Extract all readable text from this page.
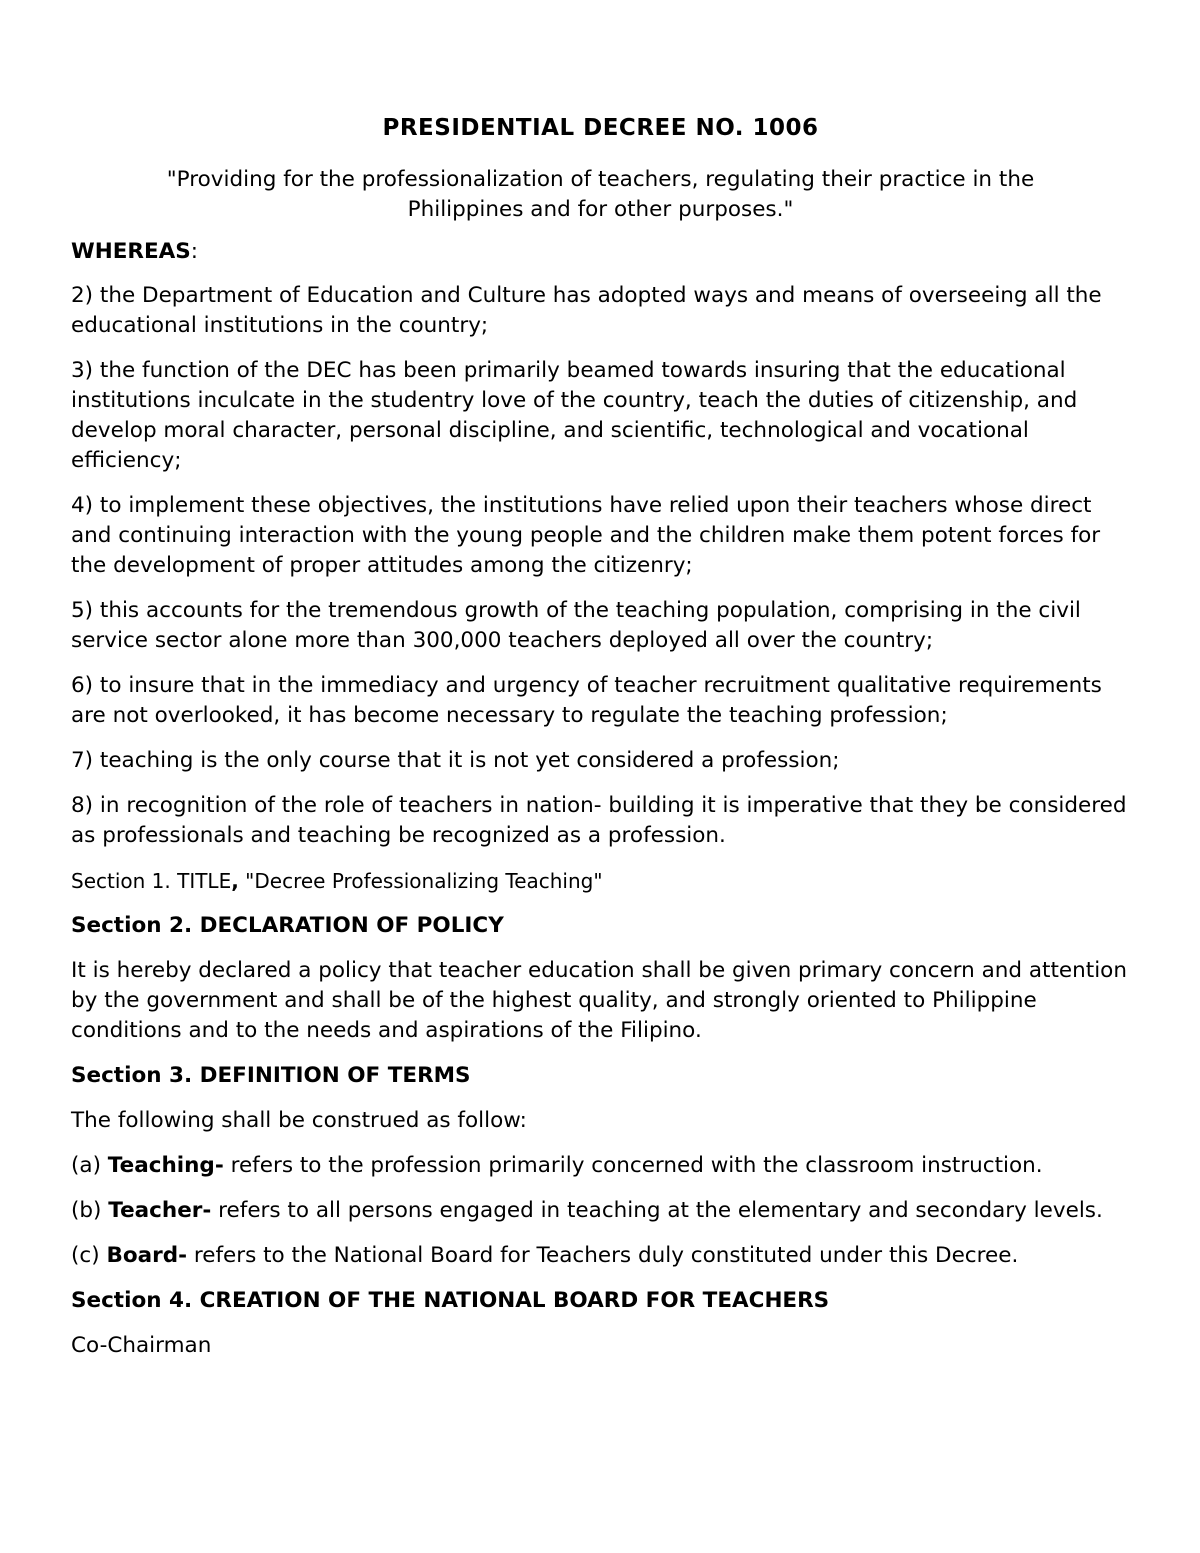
PRESIDENTIAL DECREE NO. 1006
"Providing for the professionalization of teachers, regulating their practice in the
Philippines and for other purposes."

WHEREAS:

2) the Department of Education and Culture has adopted ways and means of overseeing all the educational institutions in the country;

3) the function of the DEC has been primarily beamed towards insuring that the educational institutions inculcate in the studentry love of the country, teach the duties of citizenship, and develop moral character, personal discipline, and scientific, technological and vocational efficiency;

4) to implement these objectives, the institutions have relied upon their teachers whose direct and continuing interaction with the young people and the children make them potent forces for the development of proper attitudes among the citizenry;

5) this accounts for the tremendous growth of the teaching population, comprising in the civil service sector alone more than 300,000 teachers deployed all over the country;

6) to insure that in the immediacy and urgency of teacher recruitment qualitative requirements are not overlooked, it has become necessary to regulate the teaching profession;

7) teaching is the only course that it is not yet considered a profession;

8) in recognition of the role of teachers in nation- building it is imperative that they be considered as professionals and teaching be recognized as a profession.

Section 1. TITLE, "Decree Professionalizing Teaching"

Section 2. DECLARATION OF POLICY

It is hereby declared a policy that teacher education shall be given primary concern and attention by the government and shall be of the highest quality, and strongly oriented to Philippine conditions and to the needs and aspirations of the Filipino.

Section 3. DEFINITION OF TERMS

The following shall be construed as follow:

(a) Teaching- refers to the profession primarily concerned with the classroom instruction.

(b) Teacher- refers to all persons engaged in teaching at the elementary and secondary levels.

(c) Board- refers to the National Board for Teachers duly constituted under this Decree.

Section 4. CREATION OF THE NATIONAL BOARD FOR TEACHERS

Co-Chairman
